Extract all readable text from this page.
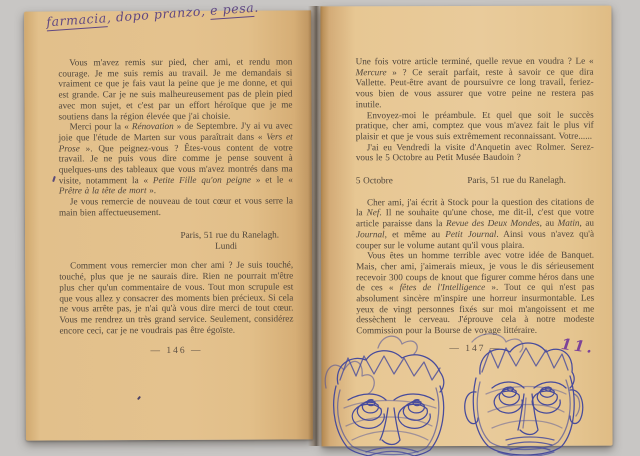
Vous m'avez remis sur pied, cher ami, et rendu mon courage. Je me suis remis au travail. Je me demandais si vraiment ce que je fais vaut la peine que je me donne, et qui est grande. Car je ne suis malheureusement pas de plein pied avec mon sujet, et c'est par un effort héroïque que je me soutiens dans la région élevée que j'ai choisie.

Merci pour la « Rénovation » de Septembre. J'y ai vu avec joie que l'étude de Marten sur vous paraîtrait dans « Vers et Prose ». Que peignez-vous ? Êtes-vous content de votre travail. Je ne puis vous dire comme je pense souvent à quelques-uns des tableaux que vous m'avez montrés dans ma visite, notamment la « Petite Fille qu'on peigne » et le « Prêtre à la tête de mort ».

Je vous remercie de nouveau de tout cœur et vous serre la main bien affectueusement.

Paris, 51 rue du Ranelagh.
Lundi

Comment vous remercier mon cher ami ? Je suis touché, touché, plus que je ne saurais dire. Rien ne pourrait m'être plus cher qu'un commentaire de vous. Tout mon scrupule est que vous allez y consacrer des moments bien précieux. Si cela ne vous arrête pas, je n'ai qu'à vous dire merci de tout cœur. Vous me rendrez un très grand service. Seulement, considérez encore ceci, car je ne voudrais pas être égoïste.

— 146 —

Une fois votre article terminé, quelle revue en voudra ? Le « Mercure » ? Ce serait parfait, reste à savoir ce que dira Vallette. Peut-être avant de poursuivre ce long travail, feriez-vous bien de vous assurer que votre peine ne restera pas inutile.

Envoyez-moi le préambule. Et quel que soit le succès pratique, cher ami, comptez que vous m'avez fait le plus vif plaisir et que je vous suis extrêmement reconnaissant. Votre......

J'ai eu Vendredi la visite d'Anquetin avec Rolmer. Serez-vous le 5 Octobre au Petit Musée Baudoin ?

5 Octobre	Paris, 51 rue du Ranelagh.

Cher ami, j'ai écrit à Stock pour la question des citations de la Nef. Il ne souhaite qu'une chose, me dit-il, c'est que votre article paraisse dans la Revue des Deux Mondes, au Matin, au Journal, et même au Petit Journal. Ainsi vous n'avez qu'à couper sur le volume autant qu'il vous plaira.

Vous êtes un homme terrible avec votre idée de Banquet. Mais, cher ami, j'aimerais mieux, je vous le dis sérieusement recevoir 300 coups de knout que figurer comme héros dans une de ces « fêtes de l'Intelligence ». Tout ce qui n'est pas absolument sincère m'inspire une horreur insurmontable. Les yeux de vingt personnes fixés sur moi m'angoissent et me dessèchent le cerveau. J'éprouve cela à notre modeste Commission pour la Bourse de voyage littéraire.

— 147 —
farmacia, dopo pranzo, e pesa.
11.
